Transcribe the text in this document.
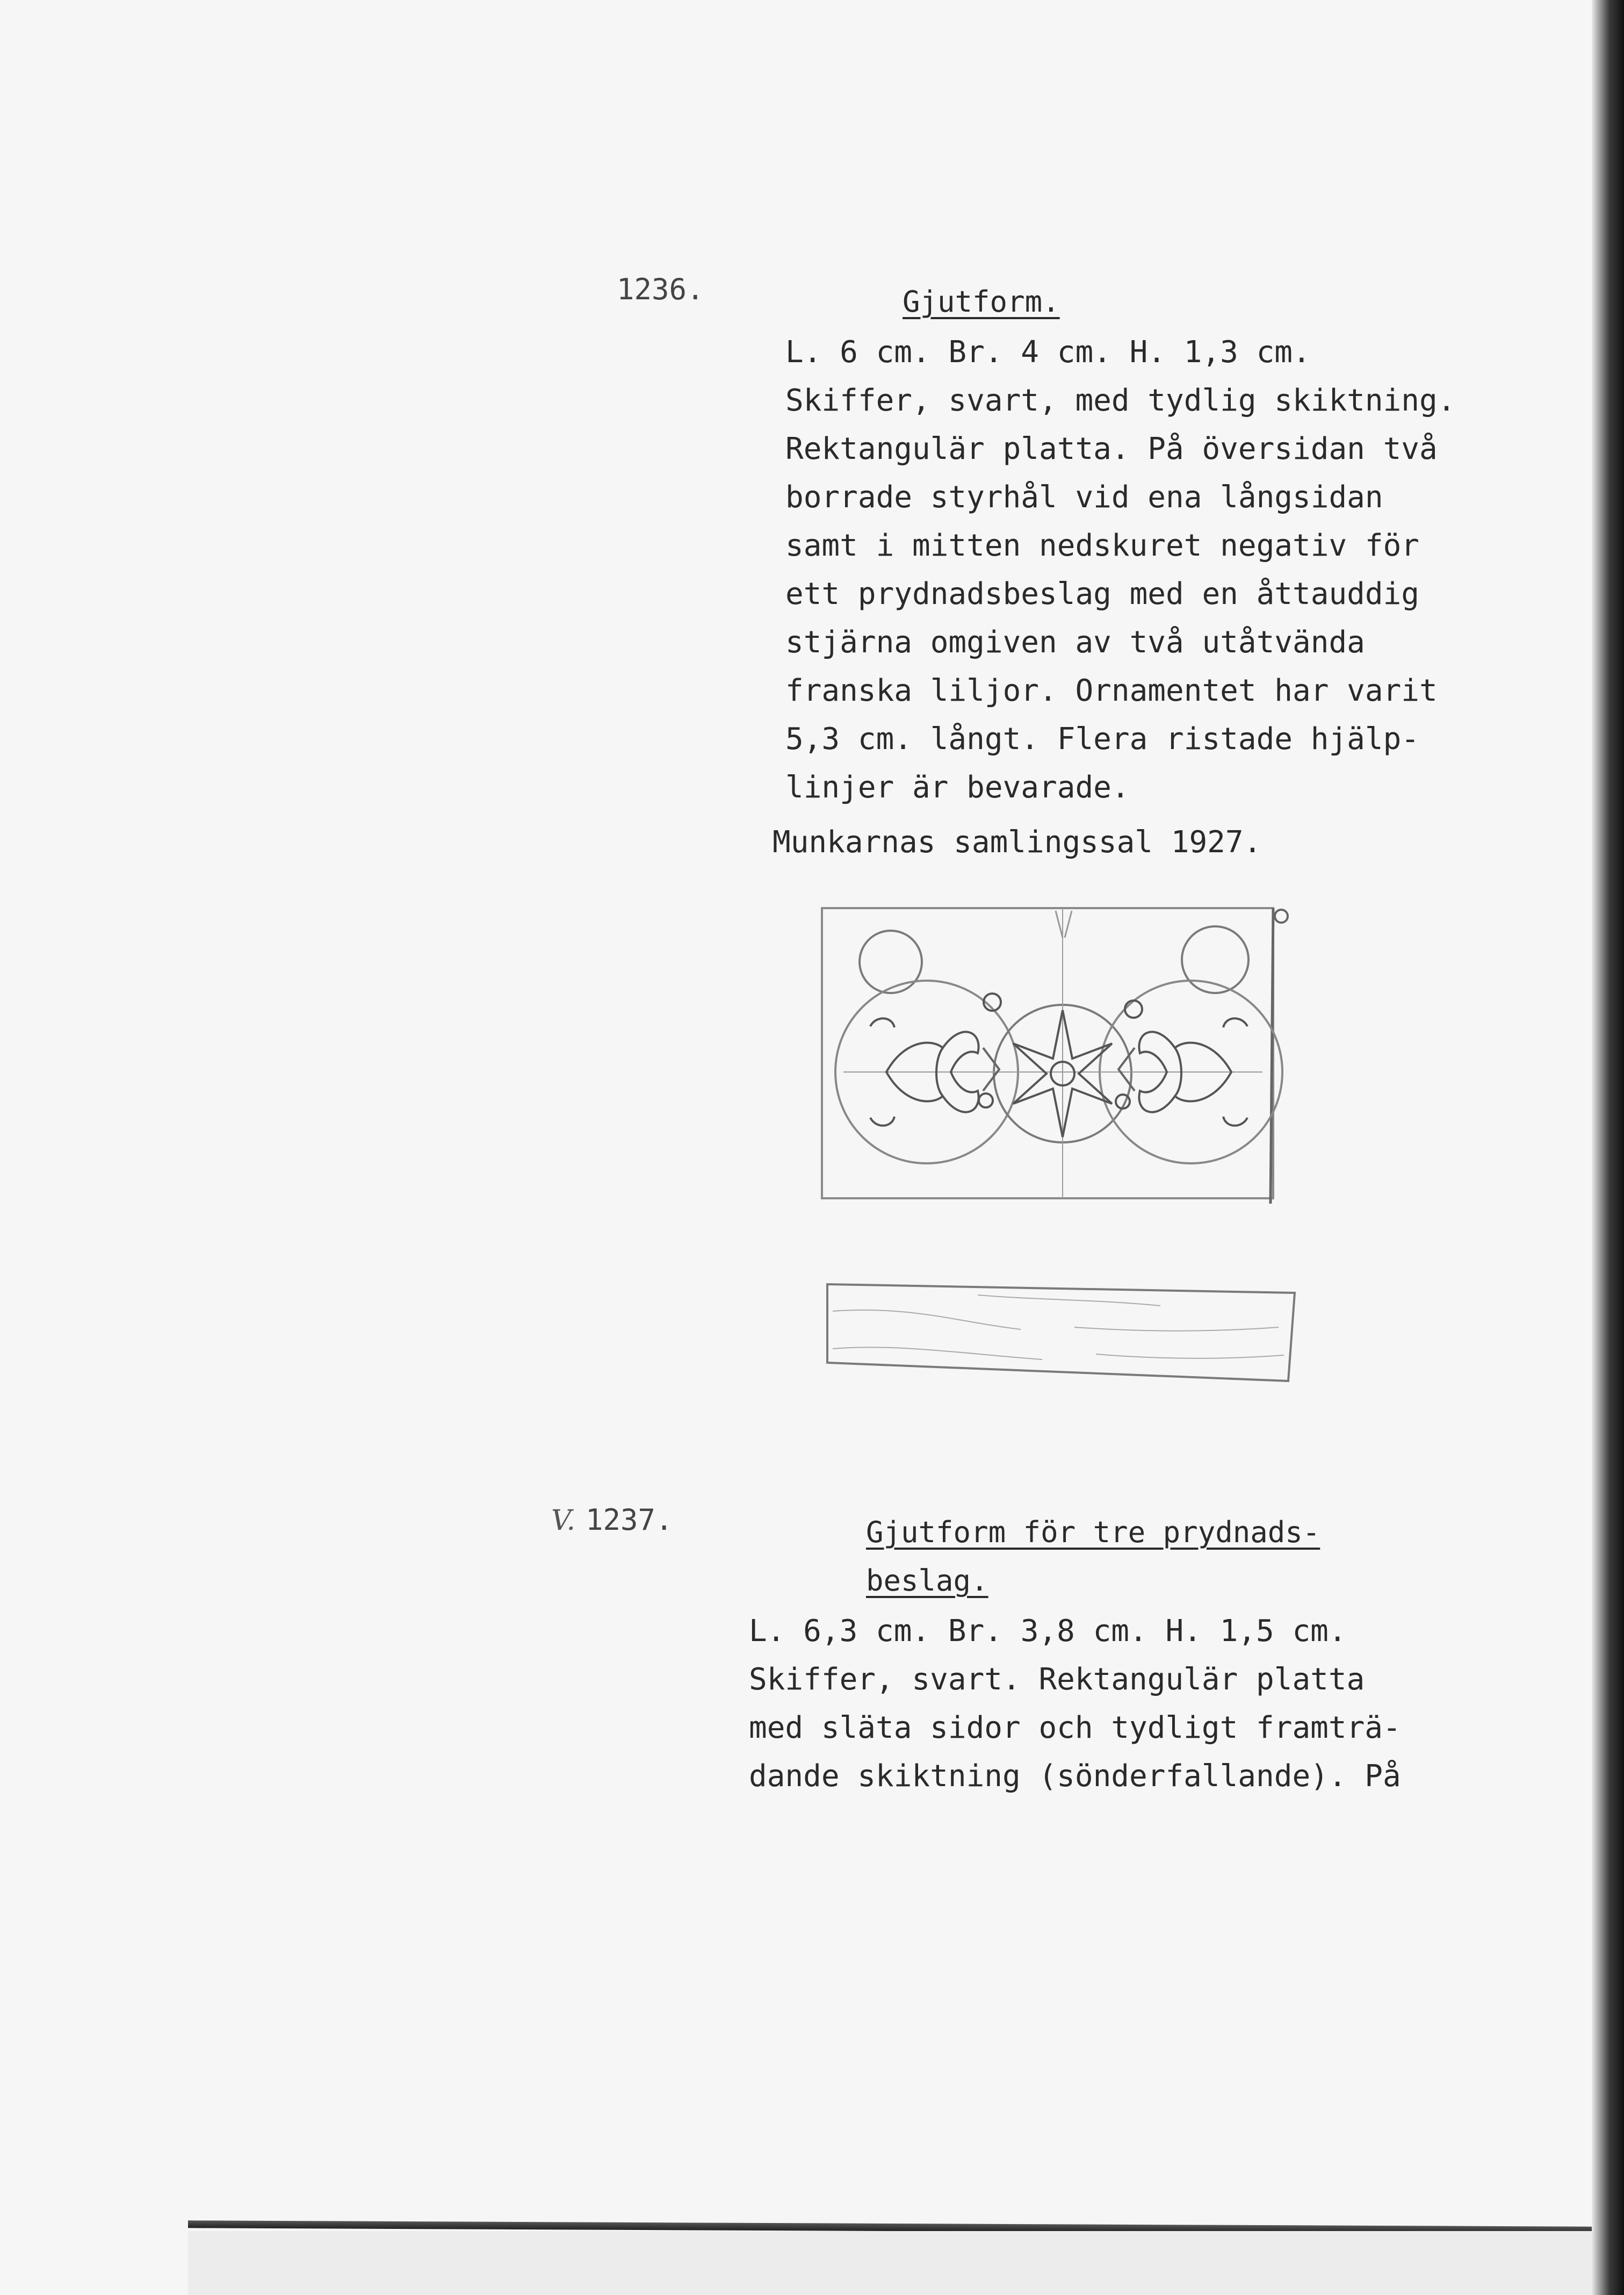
1236.	Gjutform.
L. 6 cm. Br. 4 cm. H. 1,3 cm.
Skiffer, svart, med tydlig skiktning.
Rektangulär platta. På översidan två
borrade styrhål vid ena långsidan
samt i mitten nedskuret negativ för
ett prydnadsbeslag med en åttauddig
stjärna omgiven av två utåtvända
franska liljor. Ornamentet har varit
5,3 cm. långt. Flera ristade hjälp-
linjer är bevarade.
Munkarnas samlingssal 1927.
V. 1237.	Gjutform för tre prydnads-
beslag.
L. 6,3 cm. Br. 3,8 cm. H. 1,5 cm.
Skiffer, svart. Rektangulär platta
med släta sidor och tydligt framträ-
dande skiktning (sönderfallande). På
